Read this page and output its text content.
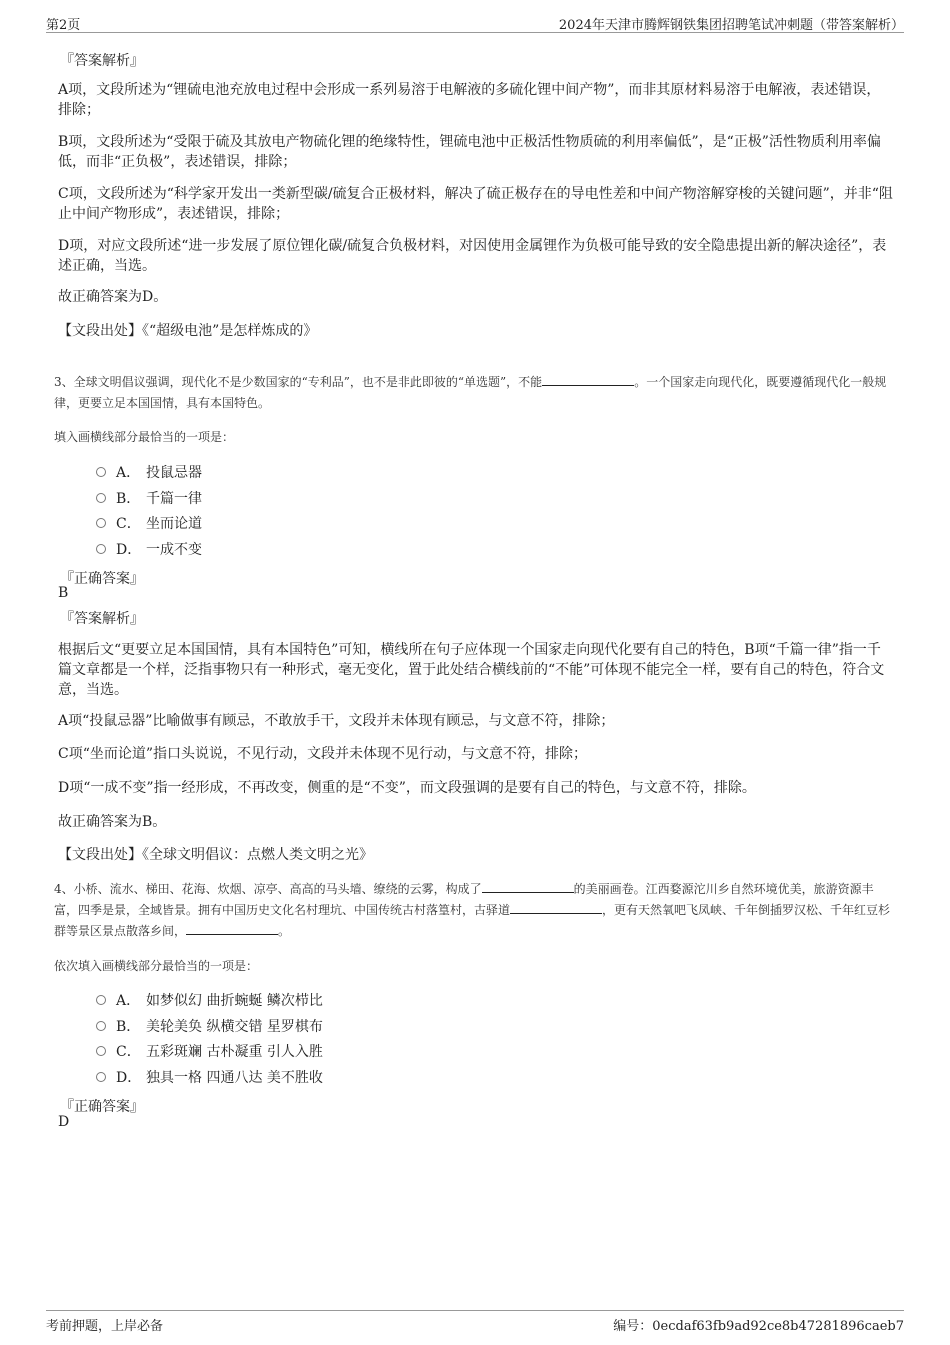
第2页	2024年天津市腾辉钢铁集团招聘笔试冲刺题（带答案解析）
『答案解析』
A项，文段所述为“锂硫电池充放电过程中会形成一系列易溶于电解液的多硫化锂中间产物”，而非其原材料易溶于电解液，表述错误，排除；
B项，文段所述为“受限于硫及其放电产物硫化锂的绝缘特性，锂硫电池中正极活性物质硫的利用率偏低”，是“正极”活性物质利用率偏低，而非“正负极”，表述错误，排除；
C项，文段所述为“科学家开发出一类新型碳/硫复合正极材料，解决了硫正极存在的导电性差和中间产物溶解穿梭的关键问题”，并非“阻止中间产物形成”，表述错误，排除；
D项，对应文段所述“进一步发展了原位锂化碳/硫复合负极材料，对因使用金属锂作为负极可能导致的安全隐患提出新的解决途径”，表述正确，当选。
故正确答案为D。
【文段出处】《“超级电池”是怎样炼成的》
3、全球文明倡议强调，现代化不是少数国家的“专利品”，也不是非此即彼的“单选题”，不能	。一个国家走向现代化，既要遵循现代化一般规律，更要立足本国国情，具有本国特色。
填入画横线部分最恰当的一项是：
A． 投鼠忌器
B． 千篇一律
C． 坐而论道
D． 一成不变
『正确答案』
B
『答案解析』
根据后文“更要立足本国国情，具有本国特色”可知，横线所在句子应体现一个国家走向现代化要有自己的特色，B项“千篇一律”指一千篇文章都是一个样，泛指事物只有一种形式，毫无变化，置于此处结合横线前的“不能”可体现不能完全一样，要有自己的特色，符合文意，当选。
A项“投鼠忌器”比喻做事有顾忌，不敢放手干，文段并未体现有顾忌，与文意不符，排除；
C项“坐而论道”指口头说说，不见行动，文段并未体现不见行动，与文意不符，排除；
D项“一成不变”指一经形成，不再改变，侧重的是“不变”，而文段强调的是要有自己的特色，与文意不符，排除。
故正确答案为B。
【文段出处】《全球文明倡议：点燃人类文明之光》
4、小桥、流水、梯田、花海、炊烟、凉亭、高高的马头墙、缭绕的云雾，构成了	的美丽画卷。江西婺源沱川乡自然环境优美，旅游资源丰富，四季是景，全域皆景。拥有中国历史文化名村理坑、中国传统古村落篁村，古驿道	，更有天然氧吧飞凤峡、千年倒插罗汉松、千年红豆杉群等景区景点散落乡间，	。
依次填入画横线部分最恰当的一项是：
A． 如梦似幻 曲折蜿蜒 鳞次栉比
B． 美轮美奂 纵横交错 星罗棋布
C． 五彩斑斓 古朴凝重 引人入胜
D． 独具一格 四通八达 美不胜收
『正确答案』
D
考前押题，上岸必备	编号：0ecdaf63fb9ad92ce8b47281896caeb7
